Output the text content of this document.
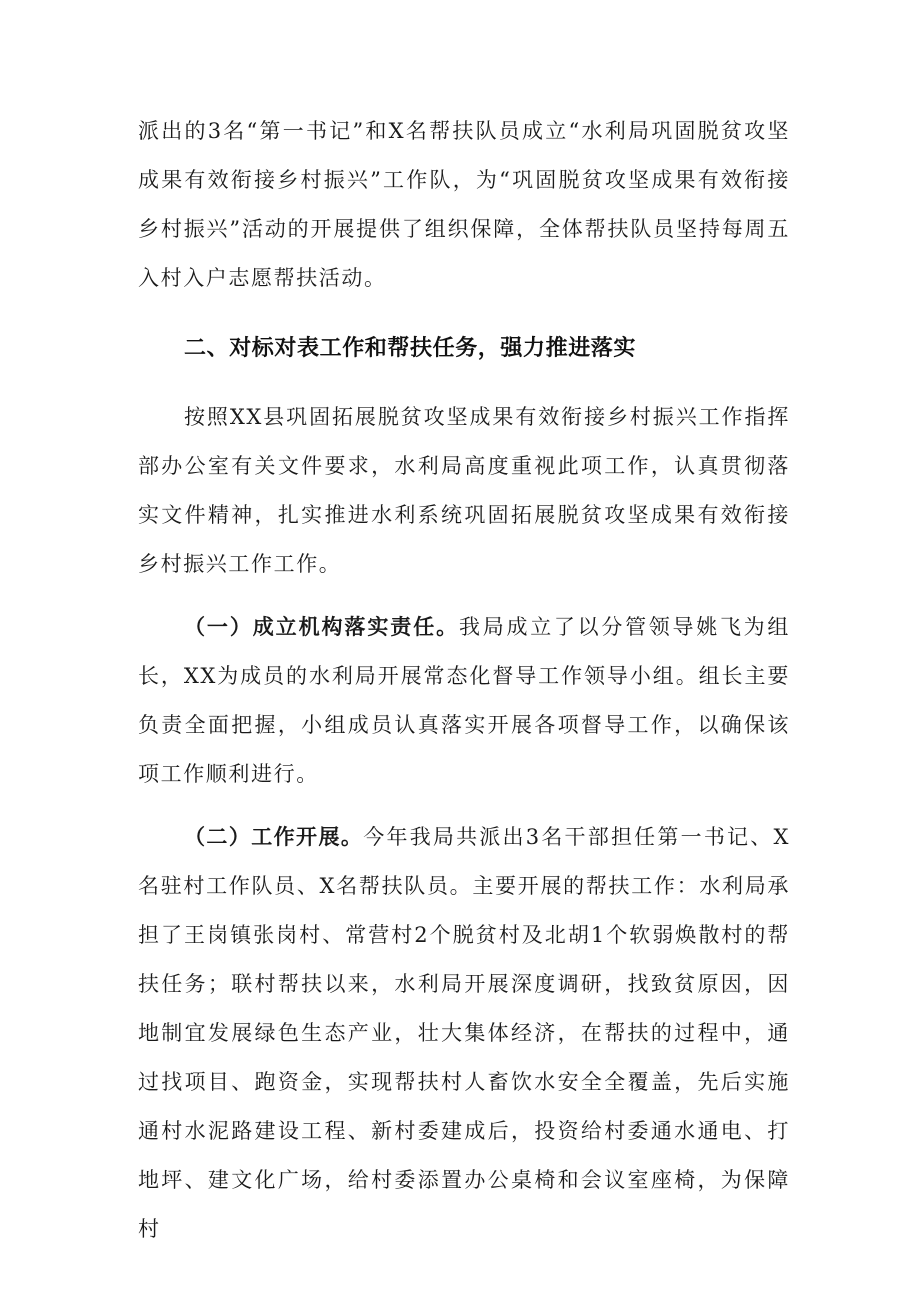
派出的3名“第一书记”和X名帮扶队员成立“水利局巩固脱贫攻坚成果有效衔接乡村振兴”工作队，为“巩固脱贫攻坚成果有效衔接乡村振兴”活动的开展提供了组织保障，全体帮扶队员坚持每周五入村入户志愿帮扶活动。

二、对标对表工作和帮扶任务，强力推进落实

按照XX县巩固拓展脱贫攻坚成果有效衔接乡村振兴工作指挥部办公室有关文件要求，水利局高度重视此项工作，认真贯彻落实文件精神，扎实推进水利系统巩固拓展脱贫攻坚成果有效衔接乡村振兴工作工作。

（一）成立机构落实责任。我局成立了以分管领导姚飞为组长，XX为成员的水利局开展常态化督导工作领导小组。组长主要负责全面把握，小组成员认真落实开展各项督导工作，以确保该项工作顺利进行。

（二）工作开展。今年我局共派出3名干部担任第一书记、X名驻村工作队员、X名帮扶队员。主要开展的帮扶工作：水利局承担了王岗镇张岗村、常营村2个脱贫村及北胡1个软弱焕散村的帮扶任务；联村帮扶以来，水利局开展深度调研，找致贫原因，因地制宜发展绿色生态产业，壮大集体经济，在帮扶的过程中，通过找项目、跑资金，实现帮扶村人畜饮水安全全覆盖，先后实施通村水泥路建设工程、新村委建成后，投资给村委通水通电、打地坪、建文化广场，给村委添置办公桌椅和会议室座椅，为保障村
